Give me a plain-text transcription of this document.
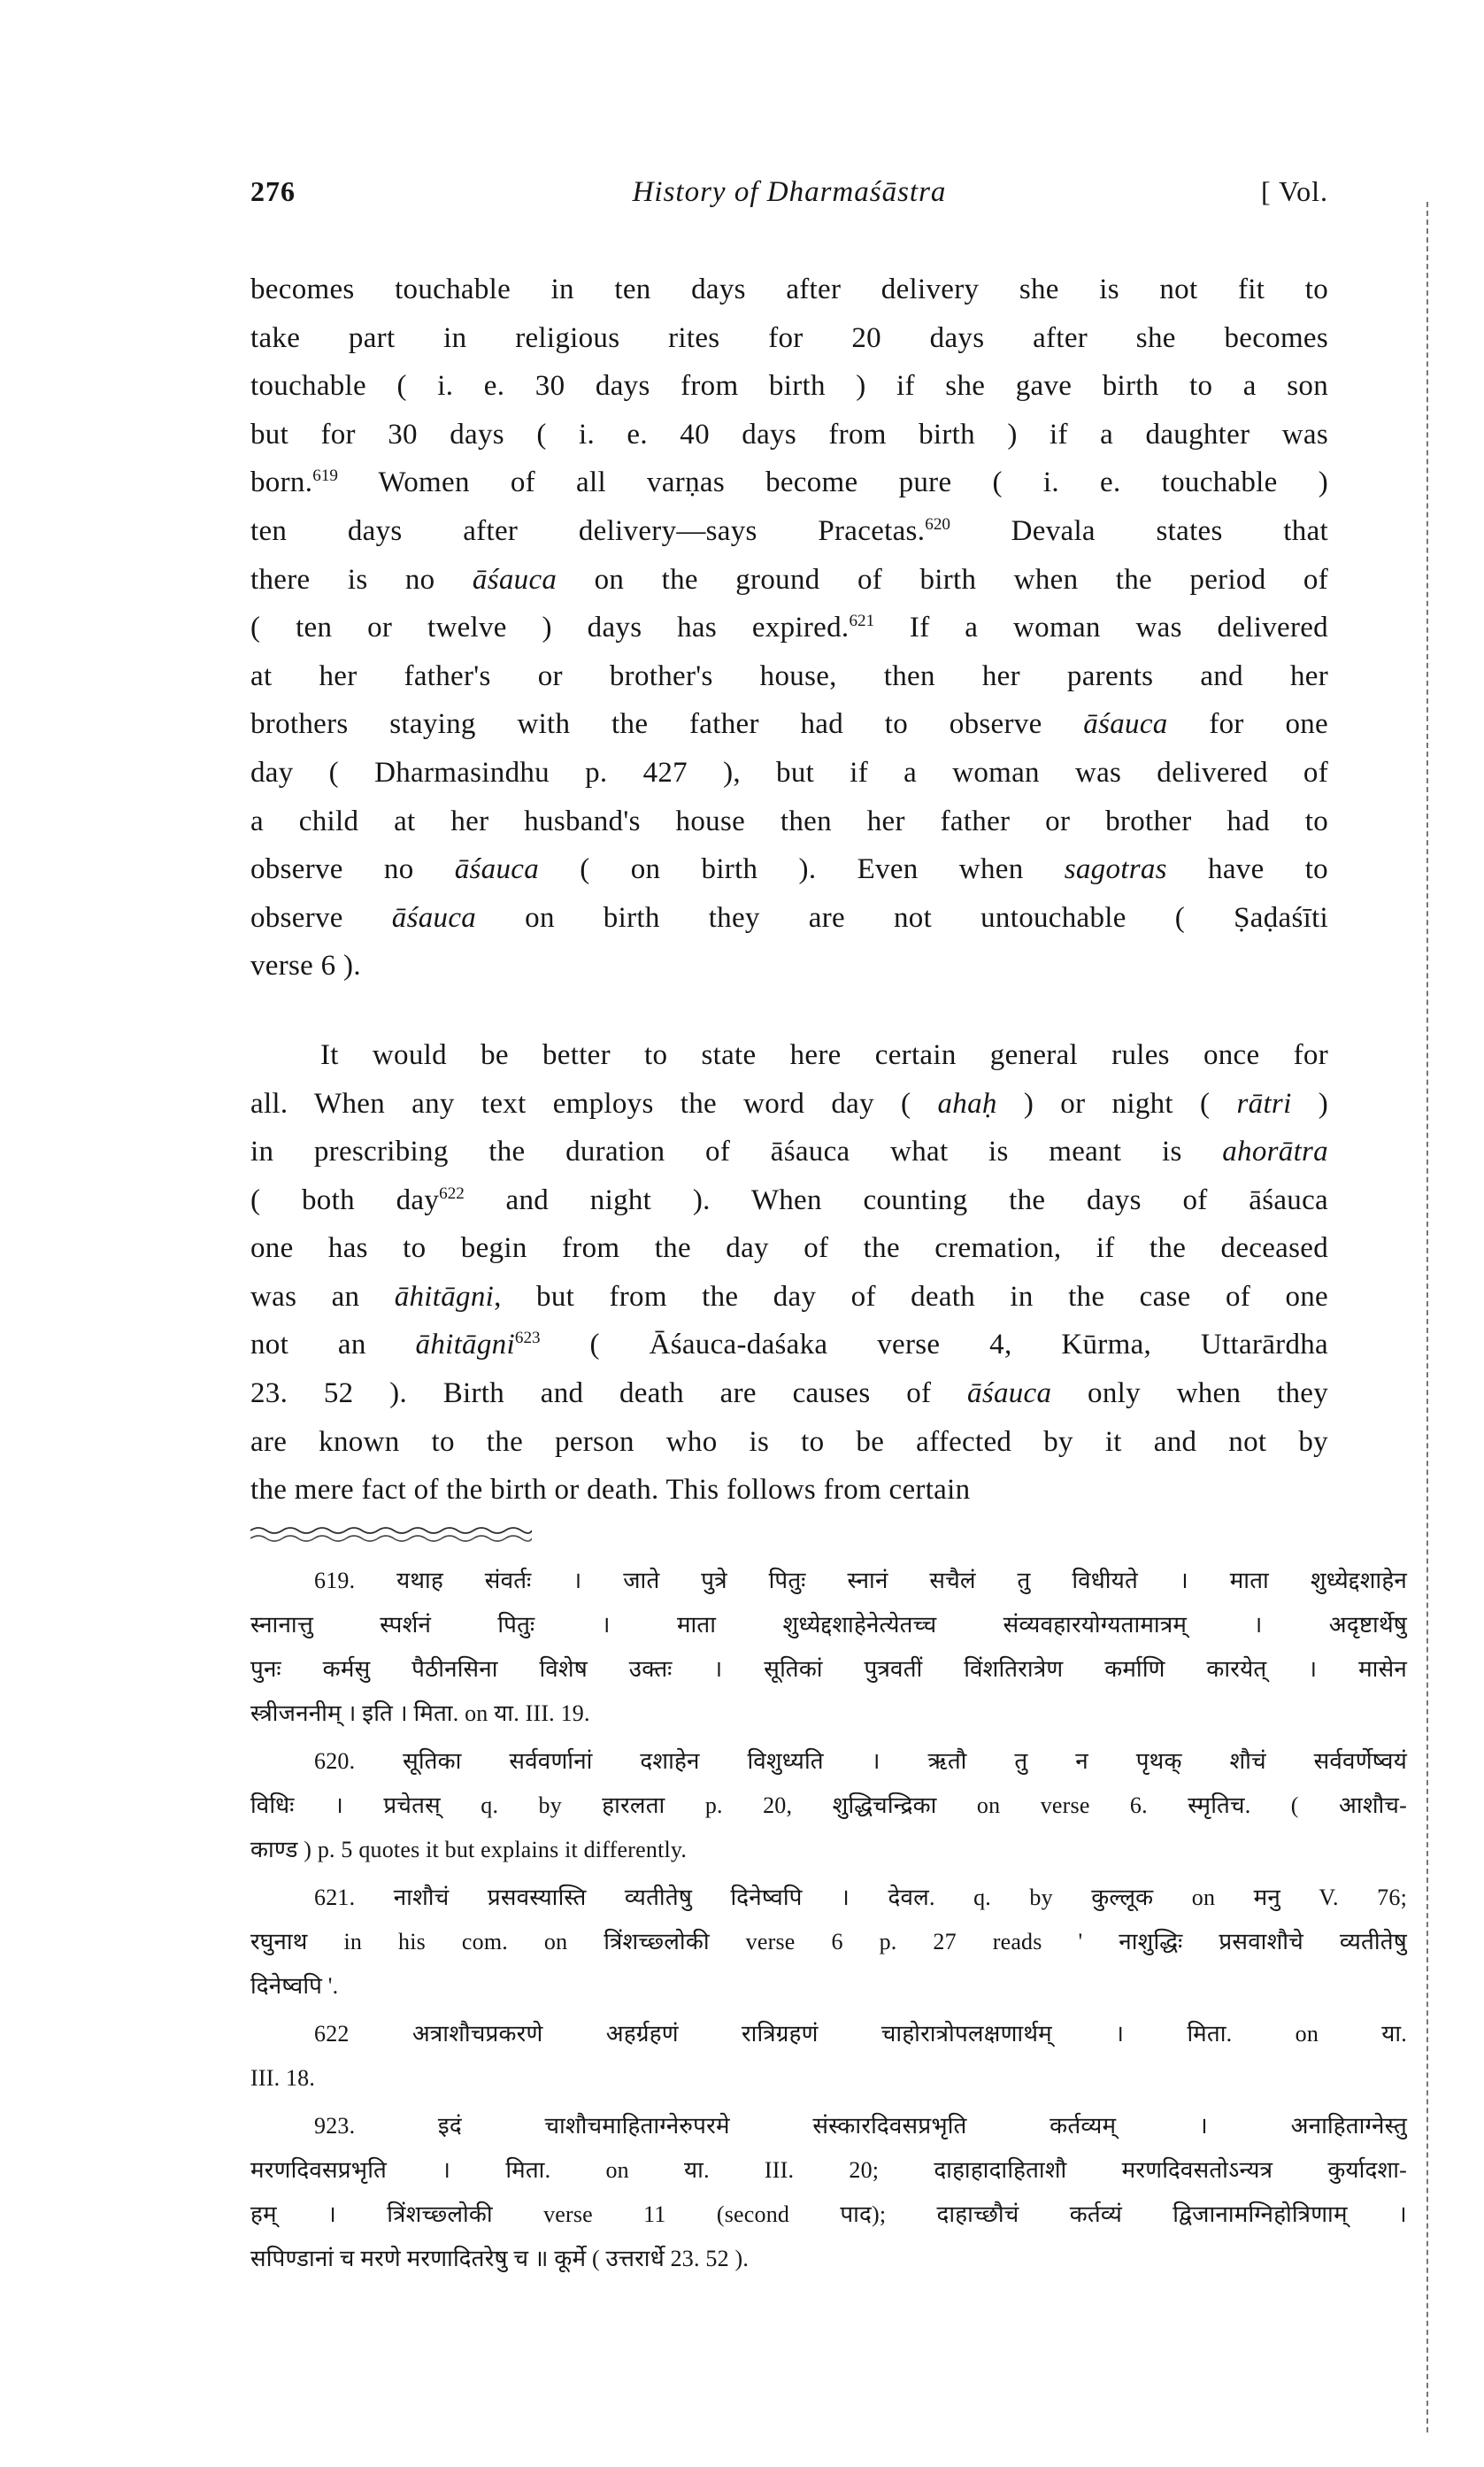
276	History of Dharmaśāstra	[ Vol.
becomes touchable in ten days after delivery she is not fit to
take part in religious rites for 20 days after she becomes
touchable ( i. e. 30 days from birth ) if she gave birth to a son
but for 30 days ( i. e. 40 days from birth ) if a daughter was
born.$^{619}$ Women of all varṇas become pure ( i. e. touchable )
ten days after delivery—says Pracetas.$^{620}$ Devala states that
there is no āśauca on the ground of birth when the period of
( ten or twelve ) days has expired.$^{621}$ If a woman was delivered
at her father's or brother's house, then her parents and her
brothers staying with the father had to observe āśauca for one
day ( Dharmasindhu p. 427 ), but if a woman was delivered of
a child at her husband's house then her father or brother had to
observe no āśauca ( on birth ). Even when sagotras have to
observe āśauca on birth they are not untouchable ( Ṣaḍaśīti
verse 6 ).
It would be better to state here certain general rules once for
all. When any text employs the word day ( ahaḥ ) or night ( rātri )
in prescribing the duration of āśauca what is meant is ahorātra
( both day$^{622}$ and night ). When counting the days of āśauca
one has to begin from the day of the cremation, if the deceased
was an āhitāgni, but from the day of death in the case of one
not an āhitāgni$^{623}$ ( Āśauca-daśaka verse 4, Kūrma, Uttarārdha
23. 52 ). Birth and death are causes of āśauca only when they
are known to the person who is to be affected by it and not by
the mere fact of the birth or death. This follows from certain
619. यथाह संवर्तः । जाते पुत्रे पितुः स्नानं सचैलं तु विधीयते । माता शुध्येद्दशाहेन
स्नानात्तु स्पर्शनं पितुः । माता शुध्येद्दशाहेनेत्येतच्च संव्यवहारयोग्यतामात्रम् । अदृष्टार्थेषु
पुनः कर्मसु पैठीनसिना विशेष उक्तः । सूतिकां पुत्रवतीं विंशतिरात्रेण कर्माणि कारयेत् । मासेन
स्त्रीजननीम् । इति । मिता. on या. III. 19.
620. सूतिका सर्ववर्णानां दशाहेन विशुध्यति । ऋतौ तु न पृथक् शौचं सर्ववर्णेष्वयं
विधिः । प्रचेतस् q. by हारलता p. 20, शुद्धिचन्द्रिका on verse 6. स्मृतिच. ( आशौच-
काण्ड ) p. 5 quotes it but explains it differently.
621. नाशौचं प्रसवस्यास्ति व्यतीतेषु दिनेष्वपि । देवल. q. by कुल्लूक on मनु V. 76;
रघुनाथ in his com. on त्रिंशच्छ्लोकी verse 6 p. 27 reads ' नाशुद्धिः प्रसवाशौचे व्यतीतेषु
दिनेष्वपि '.
622 अत्राशौचप्रकरणे अहर्ग्रहणं रात्रिग्रहणं चाहोरात्रोपलक्षणार्थम् । मिता. on या.
III. 18.
923. इदं चाशौचमाहिताग्नेरुपरमे संस्कारदिवसप्रभृति कर्तव्यम् । अनाहिताग्नेस्तु
मरणदिवसप्रभृति । मिता. on या. III. 20; दाहाहादाहिताशौ मरणदिवसतोऽन्यत्र कुर्यादशा-
हम् । त्रिंशच्छ्लोकी verse 11 (second पाद); दाहाच्छौचं कर्तव्यं द्विजानामग्निहोत्रिणाम् ।
सपिण्डानां च मरणे मरणादितरेषु च ॥ कूर्मे ( उत्तरार्धे 23. 52 ).
